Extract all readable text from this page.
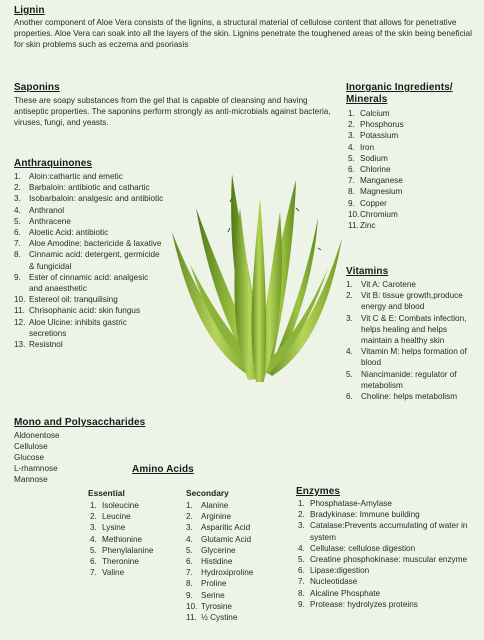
Lignin
Another component of Aloe Vera consists of the lignins, a structural material of cellulose content that allows for penetrative properties. Aloe Vera can soak into all the layers of the skin. Lignins penetrate the toughened areas of the skin being beneficial for skin problems such as eczema and psoriasis
Saponins
These are soapy substances from the gel that is capable of cleansing and having antiseptic properties. The saponins perform strongly as anti-microbials against bacteria, viruses, fungi, and yeasts.
Inorganic Ingredients/
Minerals
1. Calcium
2. Phosphorus
3. Potassium
4. Iron
5. Sodium
6. Chlorine
7. Manganese
8. Magnesium
9. Copper
10. Chromium
11. Zinc
Anthraquinones
1. Aloin:cathartic and emetic
2. Barbaloin: antibiotic and cathartic
3. Isobarbaloin: analgesic and antibiotic
4. Anthranol
5. Anthracene
6. Aloetic Acid: antibiotic
7. Aloe Amodine: bactericide & laxative
8. Cinnamic acid: detergent, germicide & fungicidal
9. Ester of cinnamic acid: analgesic and anaesthetic
10. Estereol oil: tranquilising
11. Chrisophanic acid: skin fungus
12. Aloe Ulcine: inhibits gastric secretions
13. Resistnol
Vitamins
1. Vit A: Carotene
2. Vit B: tissue growth,produce energy and blood
3. Vit C & E: Combats infection, helps healing and helps maintain a healthy skin
4. Vitamin M: helps formation of blood
5. Niancimanide: regulator of metabolism
6. Choline: helps metabolism
Mono and Polysaccharides
Aldonentose
Cellulose
Glucose
L-rhamnose
Mannose
Amino Acids
Essential
1. Isoleucine
2. Leucine
3. Lysine
4. Methionine
5. Phenylalanine
6. Theronine
7. Valine
Secondary
1. Alanine
2. Arginine
3. Asparitic Acid
4. Glutamic Acid
5. Glycerine
6. Histidine
7. Hydroxiproline
8. Proline
9. Serine
10. Tyrosine
11. ½ Cystine
Enzymes
1. Phosphatase-Amylase
2. Bradykinase: Immune building
3. Catalase:Prevents accumulating of water in system
4. Cellulase: cellulose digestion
5. Creatine phosphokinase: muscular enzyme
6. Lipase:digestion
7. Nucleotidase
8. Alcaline Phosphate
9. Protease: hydrolyzes proteins
